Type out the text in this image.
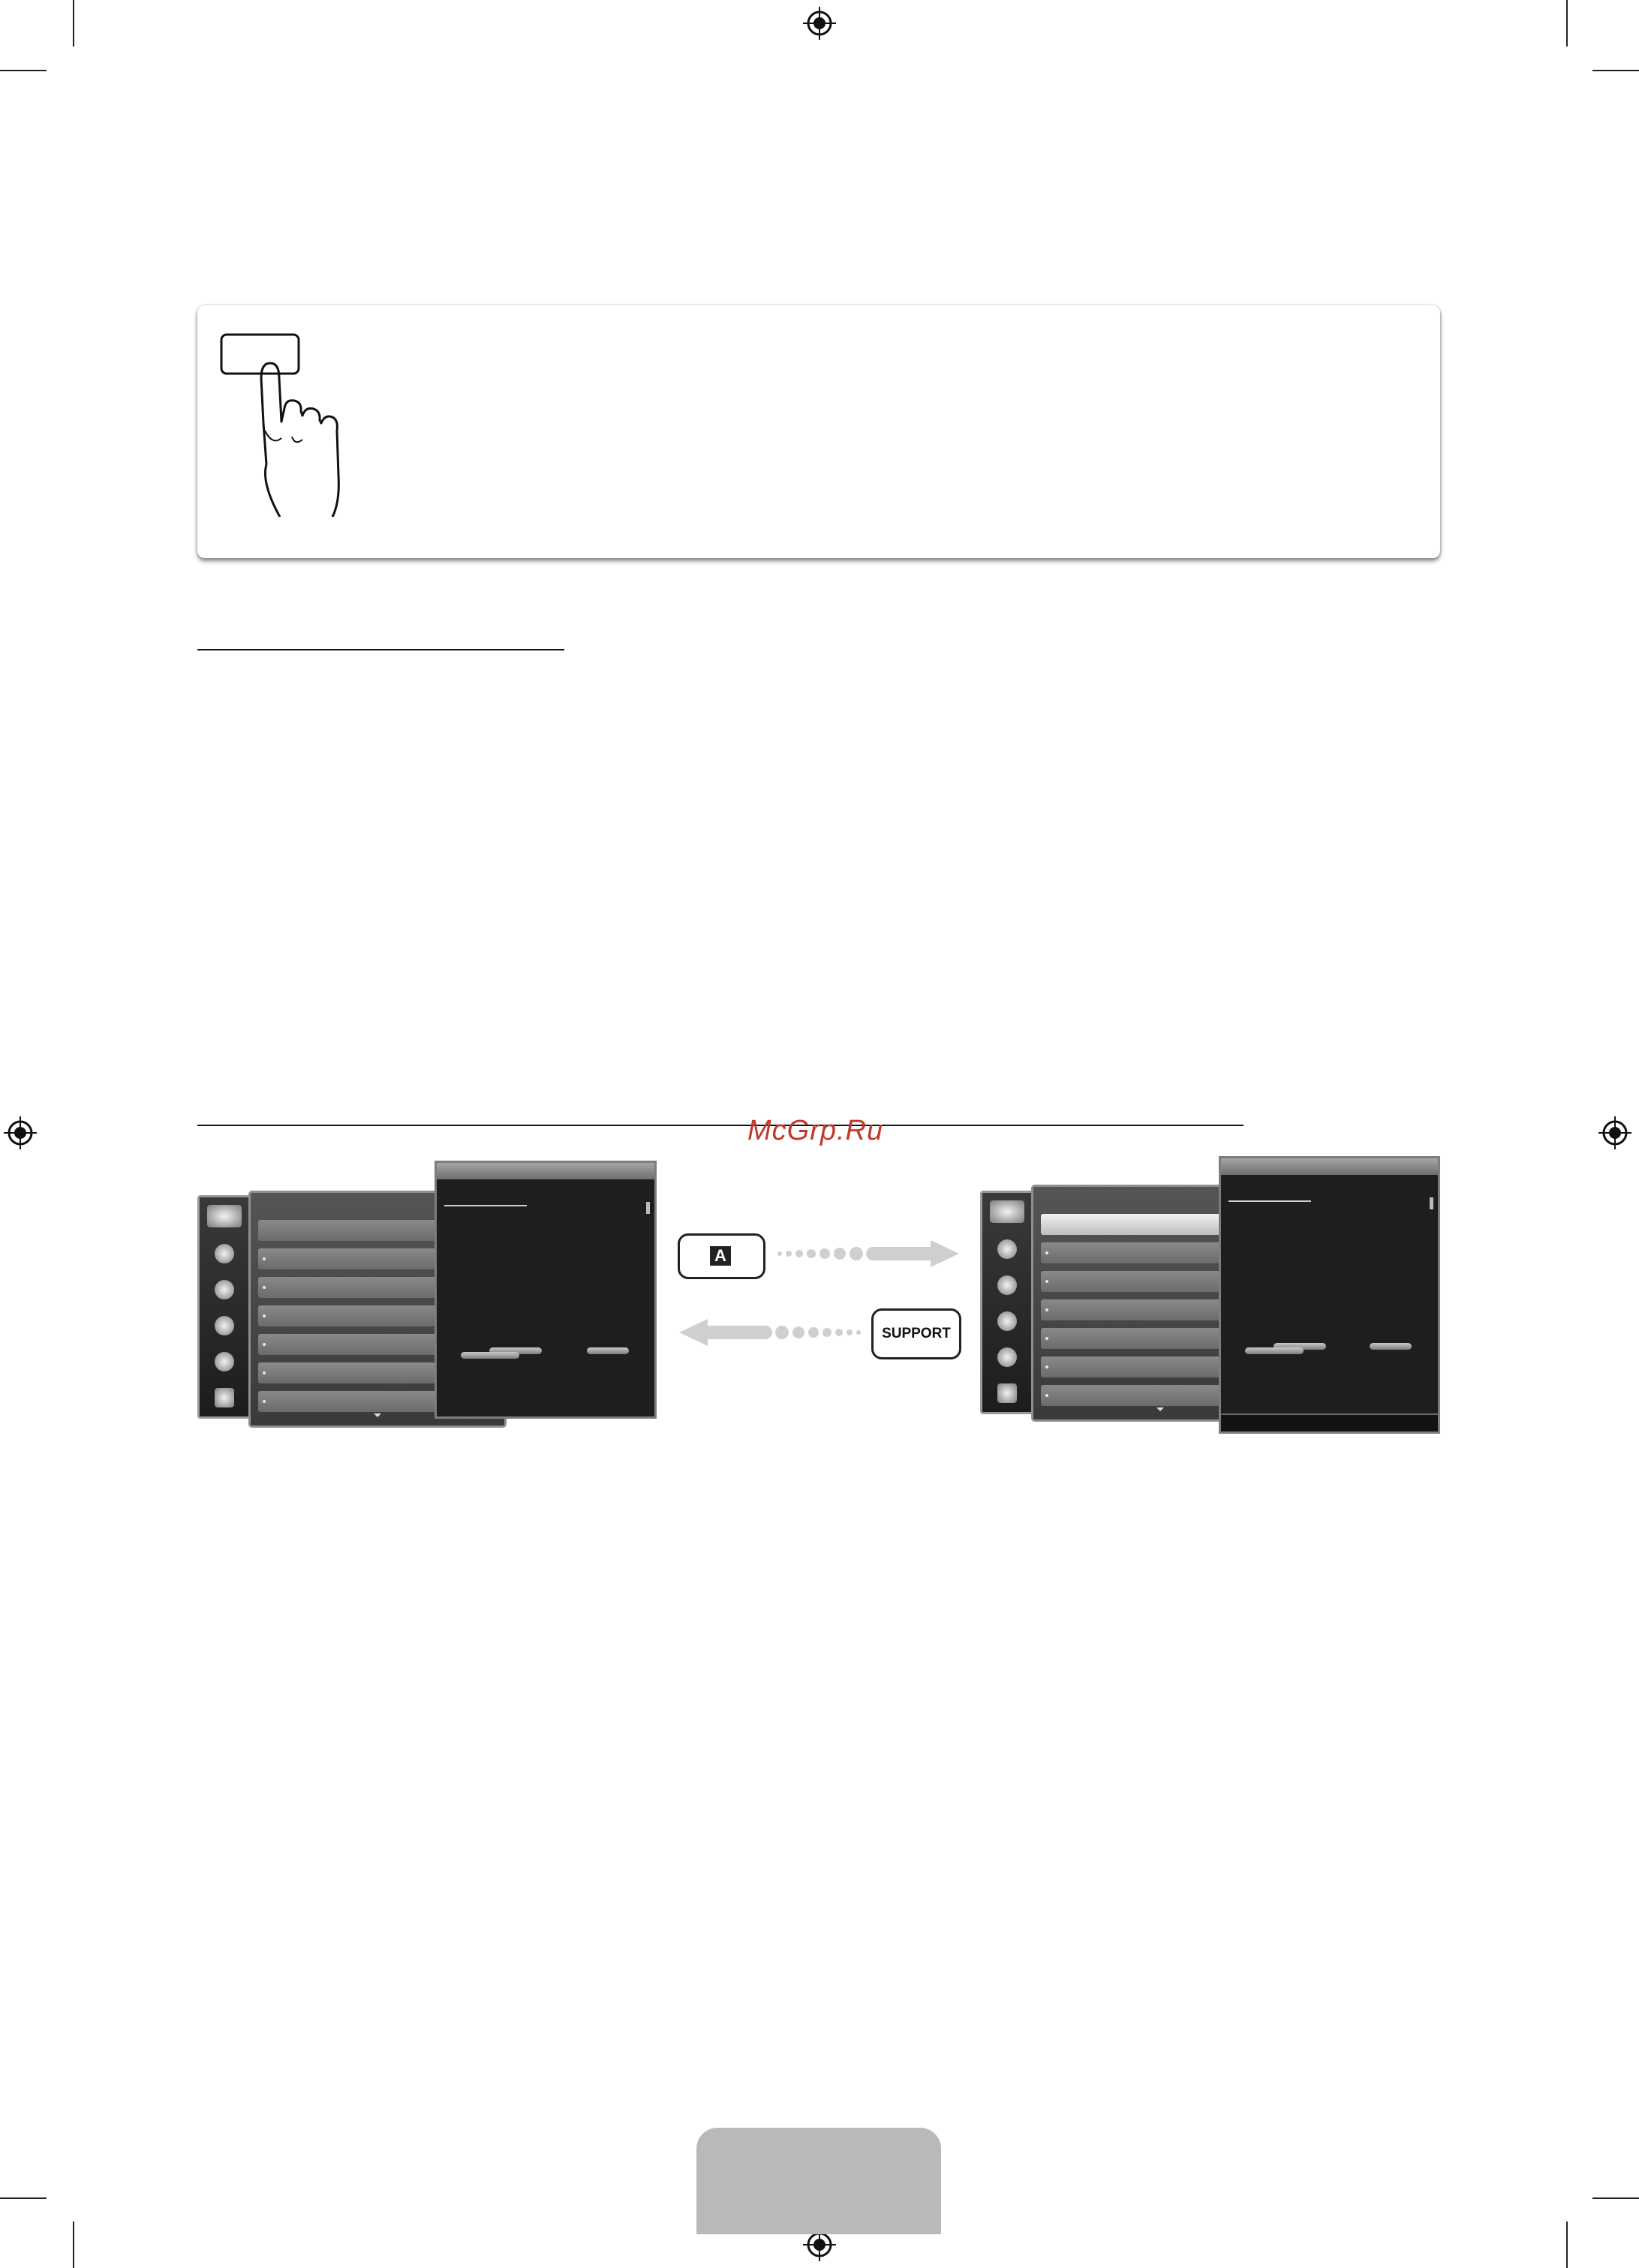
McGrp.Ru
A
SUPPORT
